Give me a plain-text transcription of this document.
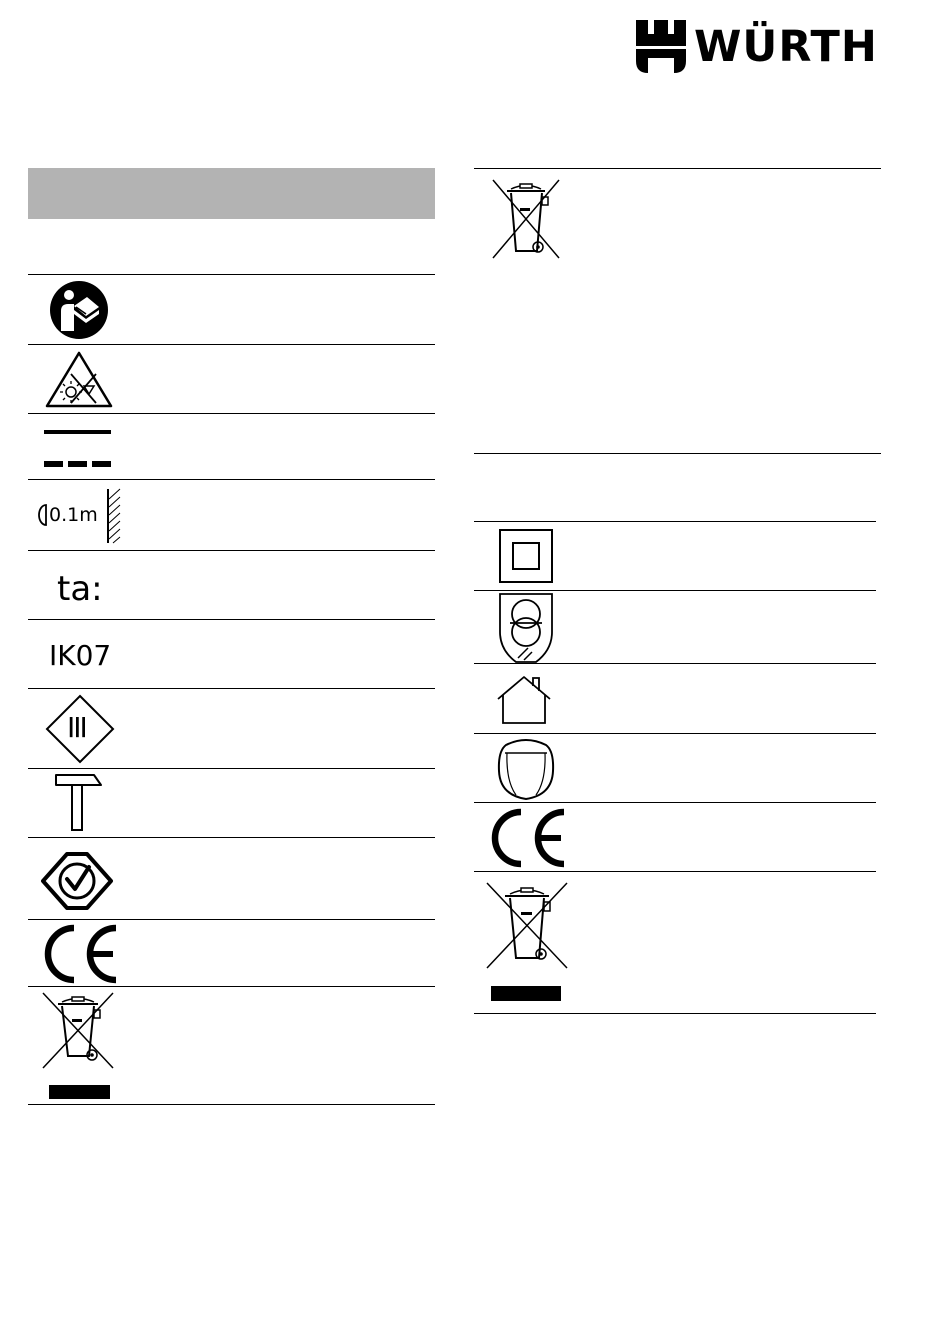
WÜRTH
0.1m
ta:
IK07
III
